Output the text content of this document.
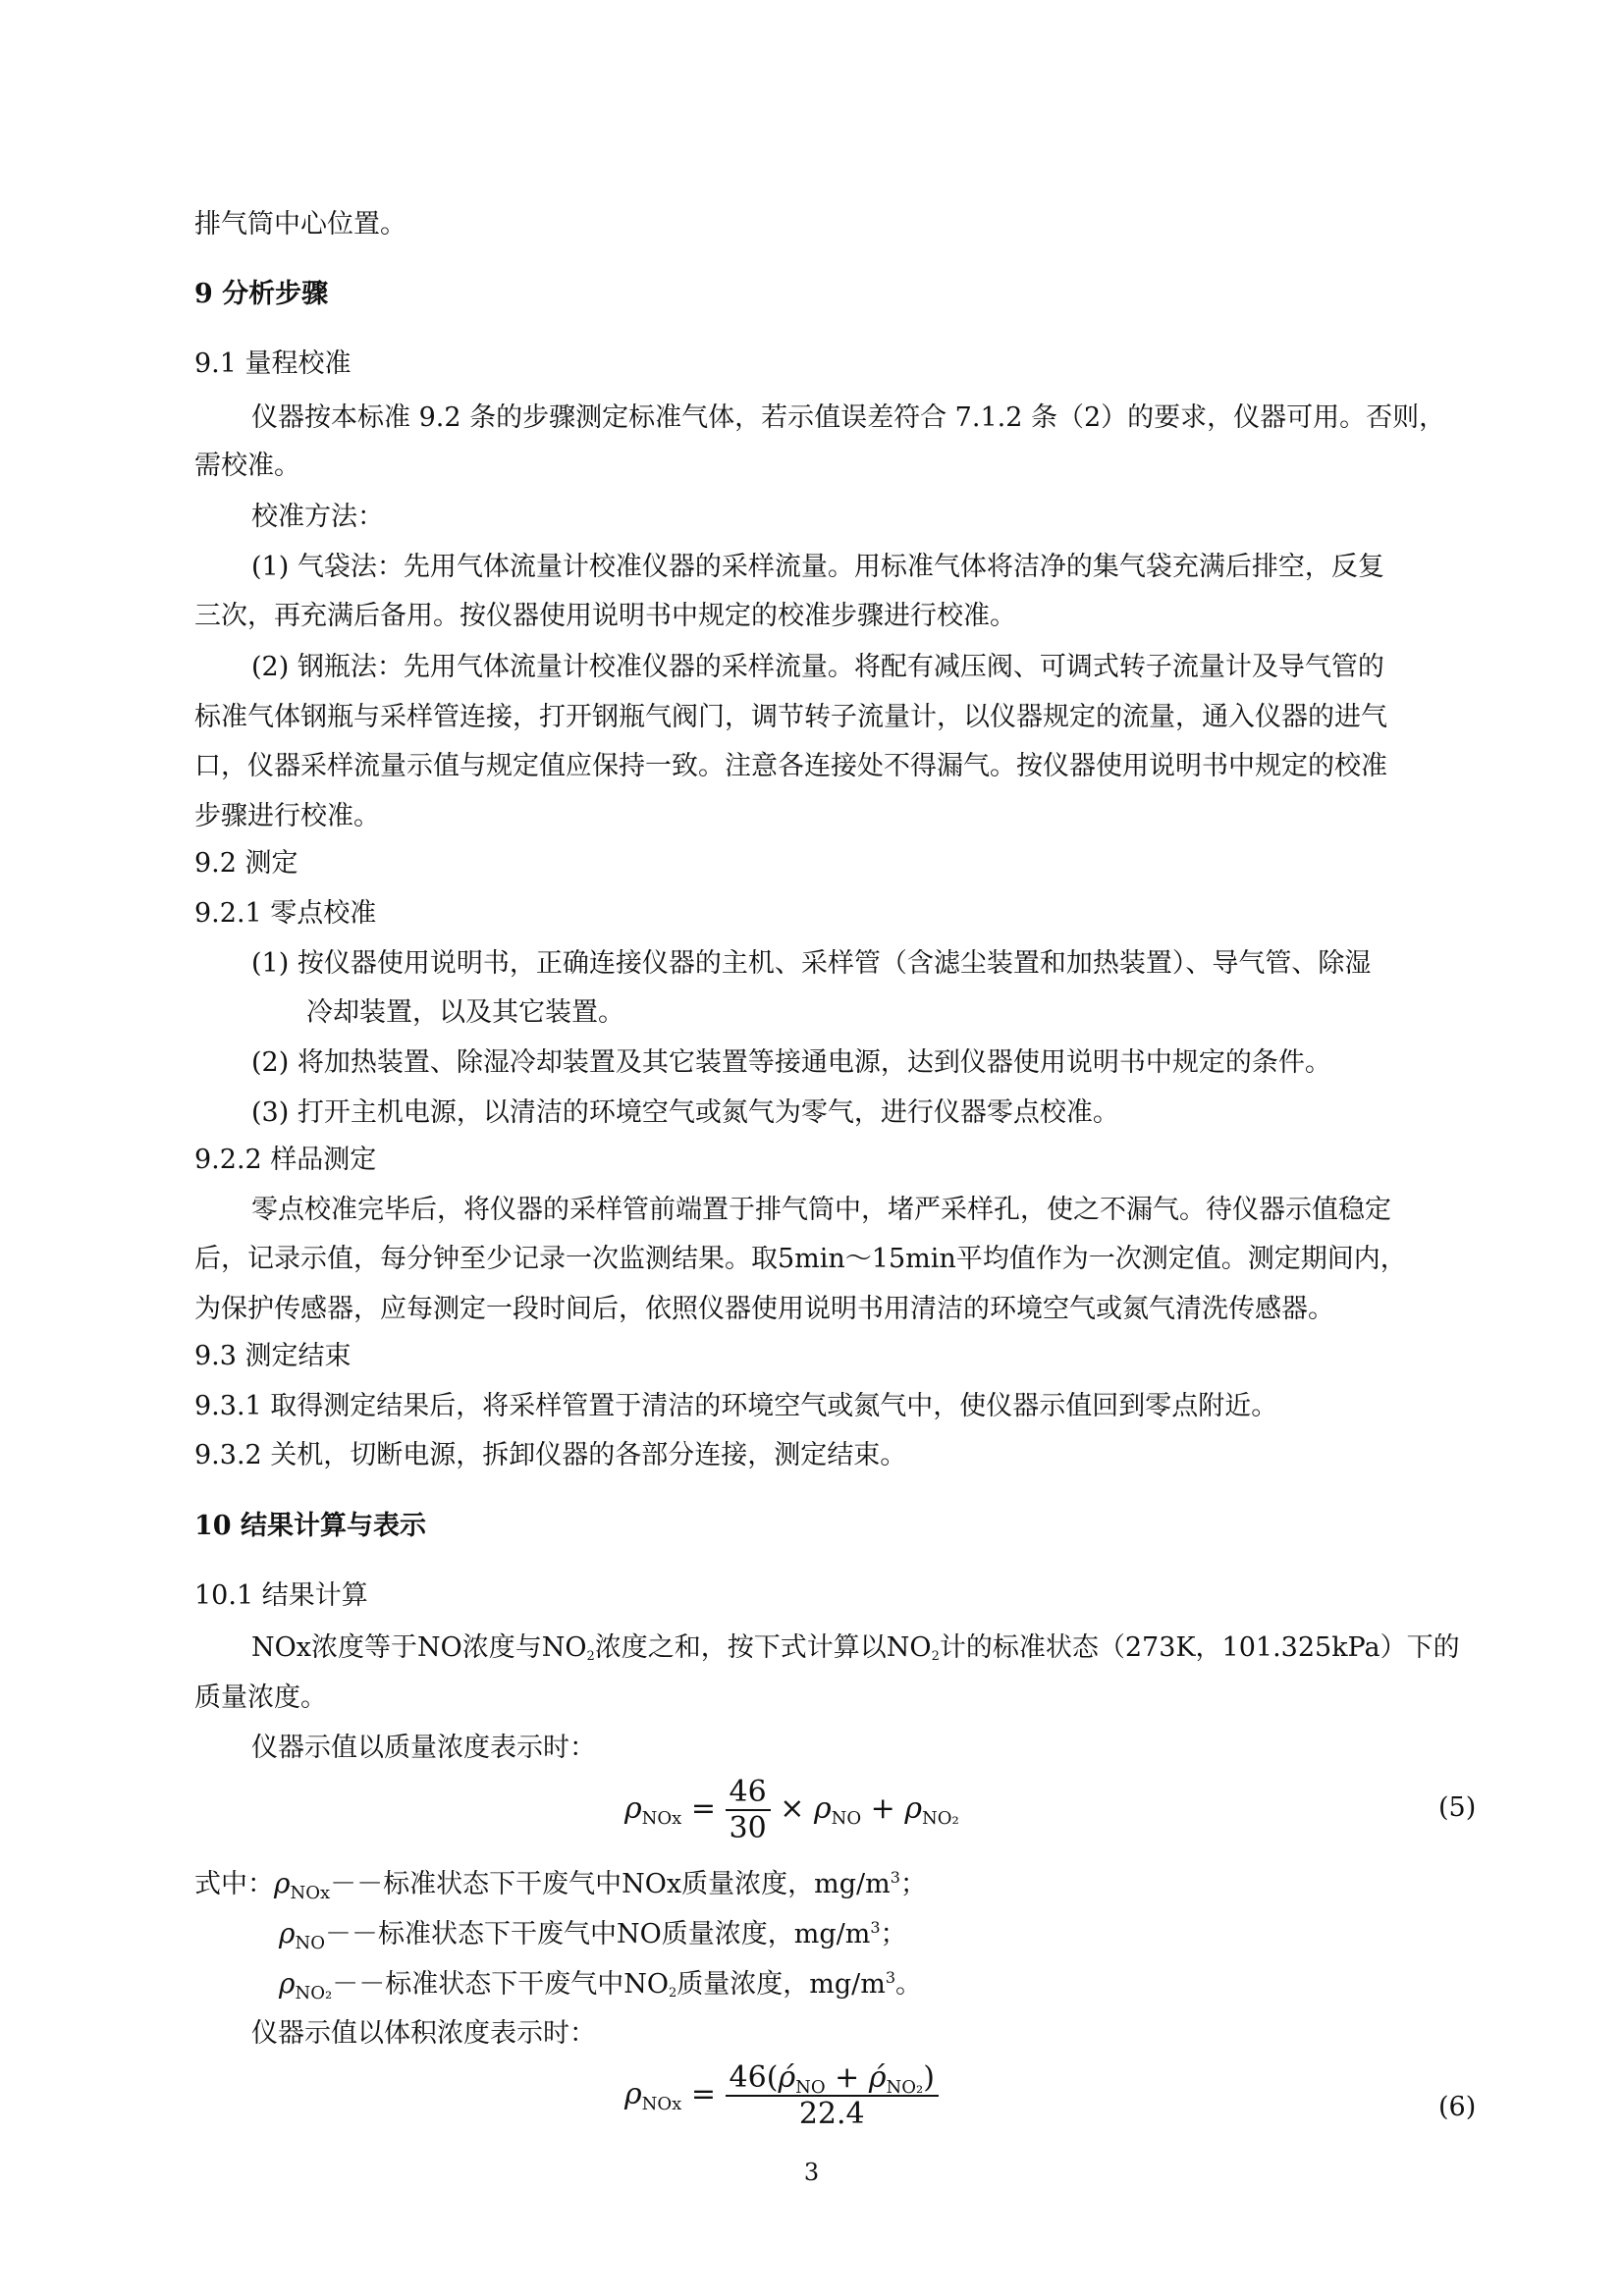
排气筒中心位置。
9 分析步骤
9.1 量程校准
仪器按本标准 9.2 条的步骤测定标准气体，若示值误差符合 7.1.2 条（2）的要求，仪器可用。否则，
需校准。
校准方法：
(1) 气袋法：先用气体流量计校准仪器的采样流量。用标准气体将洁净的集气袋充满后排空，反复
三次，再充满后备用。按仪器使用说明书中规定的校准步骤进行校准。
(2) 钢瓶法：先用气体流量计校准仪器的采样流量。将配有减压阀、可调式转子流量计及导气管的
标准气体钢瓶与采样管连接，打开钢瓶气阀门，调节转子流量计，以仪器规定的流量，通入仪器的进气
口，仪器采样流量示值与规定值应保持一致。注意各连接处不得漏气。按仪器使用说明书中规定的校准
步骤进行校准。
9.2 测定
9.2.1 零点校准
(1) 按仪器使用说明书，正确连接仪器的主机、采样管（含滤尘装置和加热装置）、导气管、除湿
冷却装置，以及其它装置。
(2) 将加热装置、除湿冷却装置及其它装置等接通电源，达到仪器使用说明书中规定的条件。
(3) 打开主机电源，以清洁的环境空气或氮气为零气，进行仪器零点校准。
9.2.2 样品测定
零点校准完毕后，将仪器的采样管前端置于排气筒中，堵严采样孔，使之不漏气。待仪器示值稳定
后，记录示值，每分钟至少记录一次监测结果。取5min～15min平均值作为一次测定值。测定期间内，
为保护传感器，应每测定一段时间后，依照仪器使用说明书用清洁的环境空气或氮气清洗传感器。
9.3 测定结束
9.3.1 取得测定结果后，将采样管置于清洁的环境空气或氮气中，使仪器示值回到零点附近。
9.3.2 关机，切断电源，拆卸仪器的各部分连接，测定结束。
10 结果计算与表示
10.1 结果计算
NOx浓度等于NO浓度与NO2浓度之和，按下式计算以NO2计的标准状态（273K，101.325kPa）下的
质量浓度。
仪器示值以质量浓度表示时：
$\rho_{NOx} = \frac{46}{30} \times \rho_{NO} + \rho_{NO_2}$	(5)
式中：$\rho_{NOx}--$标准状态下干废气中NOx质量浓度，$mg/m^3$；
$\rho_{NO}--$标准状态下干废气中NO质量浓度，$mg/m^3$；
$\rho_{NO_2}--$标准状态下干废气中NO2质量浓度，$mg/m^3$。
仪器示值以体积浓度表示时：
$\rho_{NOx} = \frac{46(\rhó_{NO} + \rhó_{NO_2})}{22.4}$	(6)
3
